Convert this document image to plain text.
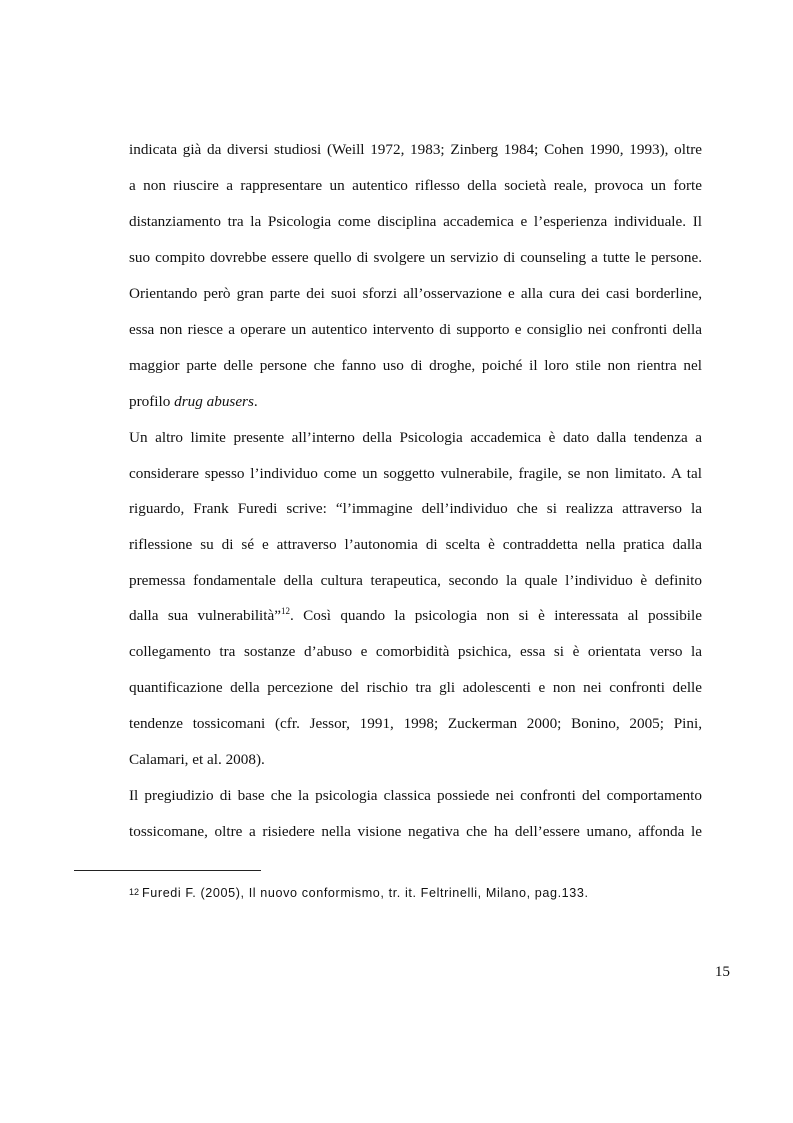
indicata già da diversi studiosi (Weill 1972, 1983; Zinberg 1984; Cohen 1990, 1993), oltre
a non riuscire a rappresentare un autentico riflesso della società reale, provoca un forte
distanziamento tra la Psicologia come disciplina accademica e l’esperienza individuale. Il
suo compito dovrebbe essere quello di svolgere un servizio di counseling a tutte le persone.
Orientando però gran parte dei suoi sforzi all’osservazione e alla cura dei casi borderline,
essa non riesce a operare un autentico intervento di supporto e consiglio nei confronti della
maggior parte delle persone che fanno uso di droghe, poiché il loro stile non rientra nel
profilo drug abusers.
Un altro limite presente all’interno della Psicologia accademica è dato dalla tendenza a
considerare spesso l’individuo come un soggetto vulnerabile, fragile, se non limitato. A tal
riguardo, Frank Furedi scrive: “l’immagine dell’individuo che si realizza attraverso la
riflessione su di sé e attraverso l’autonomia di scelta è contraddetta nella pratica dalla
premessa fondamentale della cultura terapeutica, secondo la quale l’individuo è definito
dalla sua vulnerabilità”$^{12}$. Così quando la psicologia non si è interessata al possibile
collegamento tra sostanze d’abuso e comorbidità psichica, essa si è orientata verso la
quantificazione della percezione del rischio tra gli adolescenti e non nei confronti delle
tendenze tossicomani (cfr. Jessor, 1991, 1998; Zuckerman 2000; Bonino, 2005; Pini,
Calamari, et al. 2008).
Il pregiudizio di base che la psicologia classica possiede nei confronti del comportamento
tossicomane, oltre a risiedere nella visione negativa che ha dell’essere umano, affonda le
$^{12}$ Furedi F. (2005), Il nuovo conformismo, tr. it. Feltrinelli, Milano, pag.133.
15
